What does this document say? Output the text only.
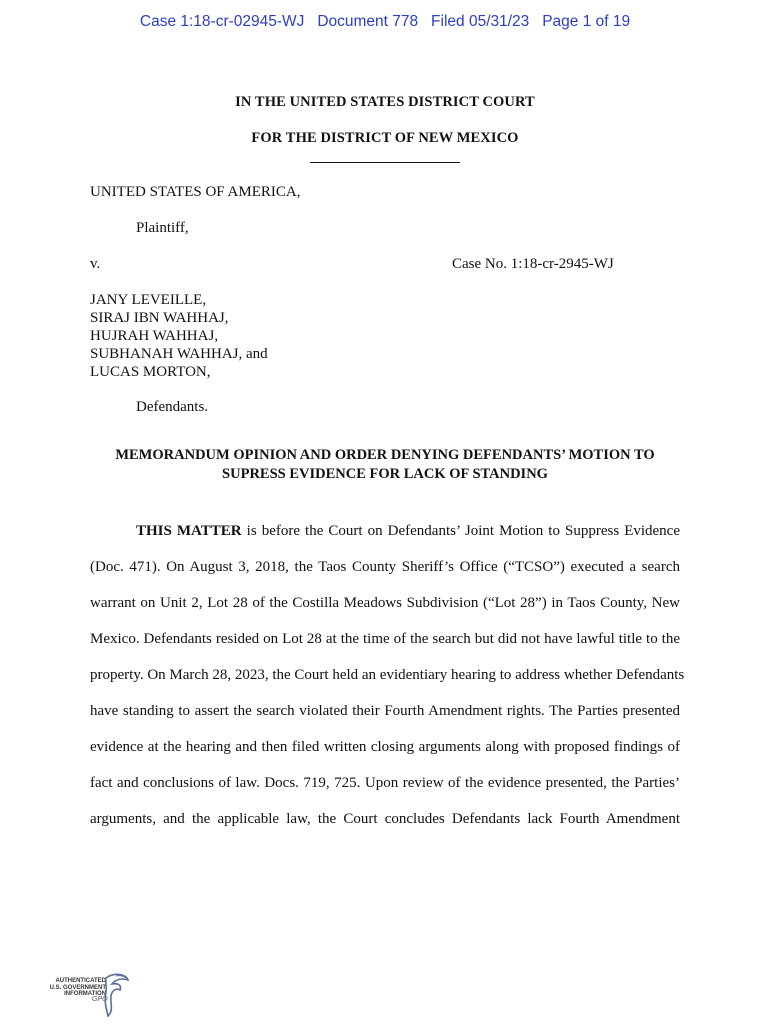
Case 1:18-cr-02945-WJ   Document 778   Filed 05/31/23   Page 1 of 19
IN THE UNITED STATES DISTRICT COURT
FOR THE DISTRICT OF NEW MEXICO
UNITED STATES OF AMERICA,
Plaintiff,
v.	Case No. 1:18-cr-2945-WJ
JANY LEVEILLE,
SIRAJ IBN WAHHAJ,
HUJRAH WAHHAJ,
SUBHANAH WAHHAJ, and
LUCAS MORTON,
Defendants.
MEMORANDUM OPINION AND ORDER DENYING DEFENDANTS’ MOTION TO
SUPRESS EVIDENCE FOR LACK OF STANDING
THIS MATTER is before the Court on Defendants’ Joint Motion to Suppress Evidence
(Doc. 471). On August 3, 2018, the Taos County Sheriff’s Office (“TCSO”) executed a search
warrant on Unit 2, Lot 28 of the Costilla Meadows Subdivision (“Lot 28”) in Taos County, New
Mexico. Defendants resided on Lot 28 at the time of the search but did not have lawful title to the
property. On March 28, 2023, the Court held an evidentiary hearing to address whether Defendants
have standing to assert the search violated their Fourth Amendment rights. The Parties presented
evidence at the hearing and then filed written closing arguments along with proposed findings of
fact and conclusions of law. Docs. 719, 725. Upon review of the evidence presented, the Parties’
arguments, and the applicable law, the Court concludes Defendants lack Fourth Amendment
AUTHENTICATED
U.S. GOVERNMENT
INFORMATION
GPO
